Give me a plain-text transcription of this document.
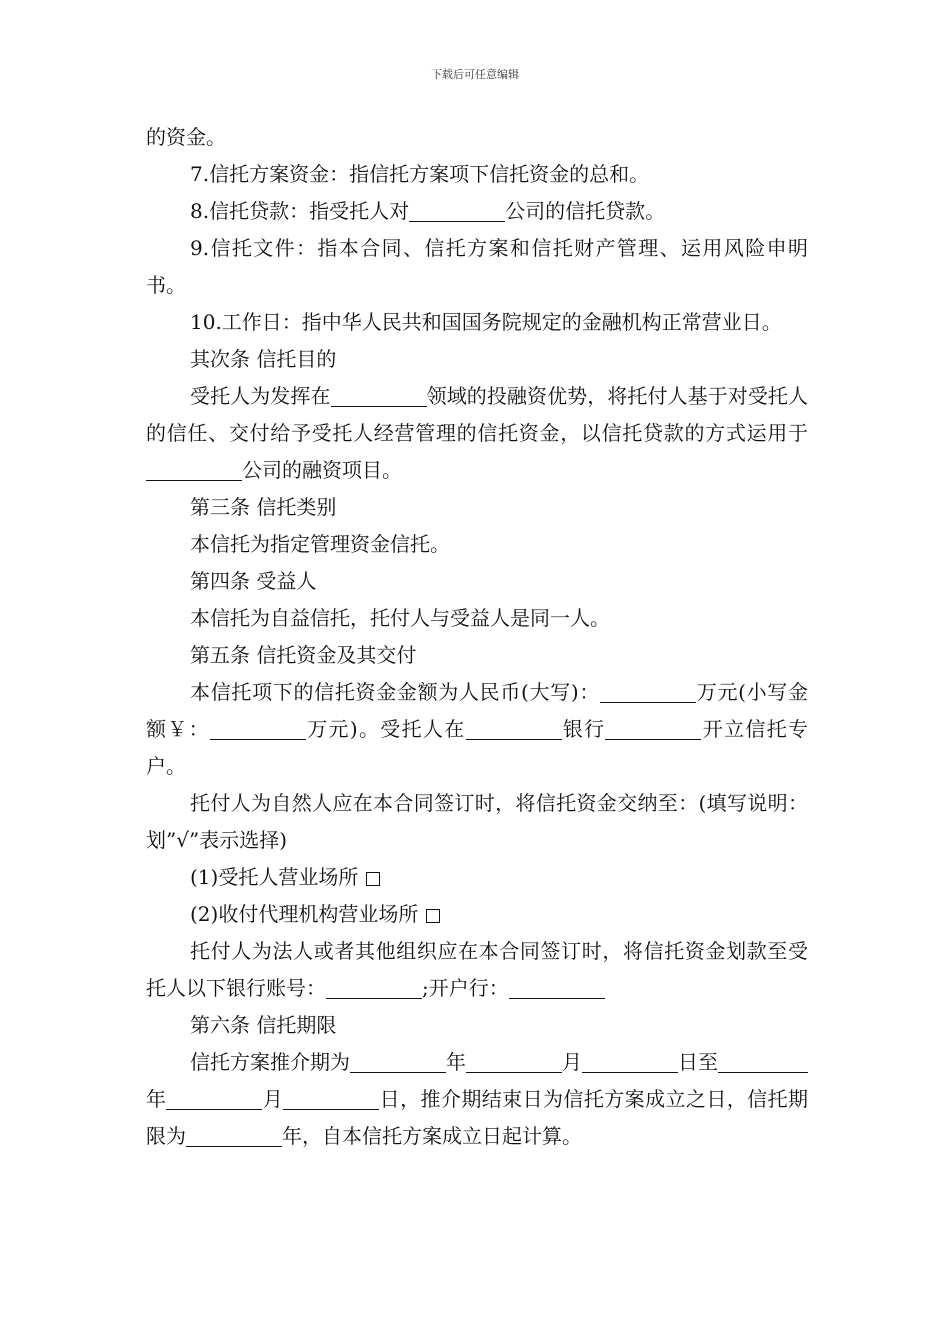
下载后可任意编辑

的资金。

7.信托方案资金：指信托方案项下信托资金的总和。

8.信托贷款：指受托人对	公司的信托贷款。

9.信托文件：指本合同、信托方案和信托财产管理、运用风险申明书。

10.工作日：指中华人民共和国国务院规定的金融机构正常营业日。

其次条 信托目的

受托人为发挥在	领域的投融资优势，将托付人基于对受托人的信任、交付给予受托人经营管理的信托资金，以信托贷款的方式运用于公司的融资项目。

第三条 信托类别

本信托为指定管理资金信托。

第四条 受益人

本信托为自益信托，托付人与受益人是同一人。

第五条 信托资金及其交付

本信托项下的信托资金金额为人民币(大写)：	万元(小写金额￥：	万元)。受托人在	银行	开立信托专户。

托付人为自然人应在本合同签订时，将信托资金交纳至：(填写说明：划”√”表示选择)

(1)受托人营业场所

(2)收付代理机构营业场所

托付人为法人或者其他组织应在本合同签订时，将信托资金划款至受托人以下银行账号：	;开户行：

第六条 信托期限

信托方案推介期为	年	月	日至年	月	日，推介期结束日为信托方案成立之日，信托期限为	年，自本信托方案成立日起计算。
